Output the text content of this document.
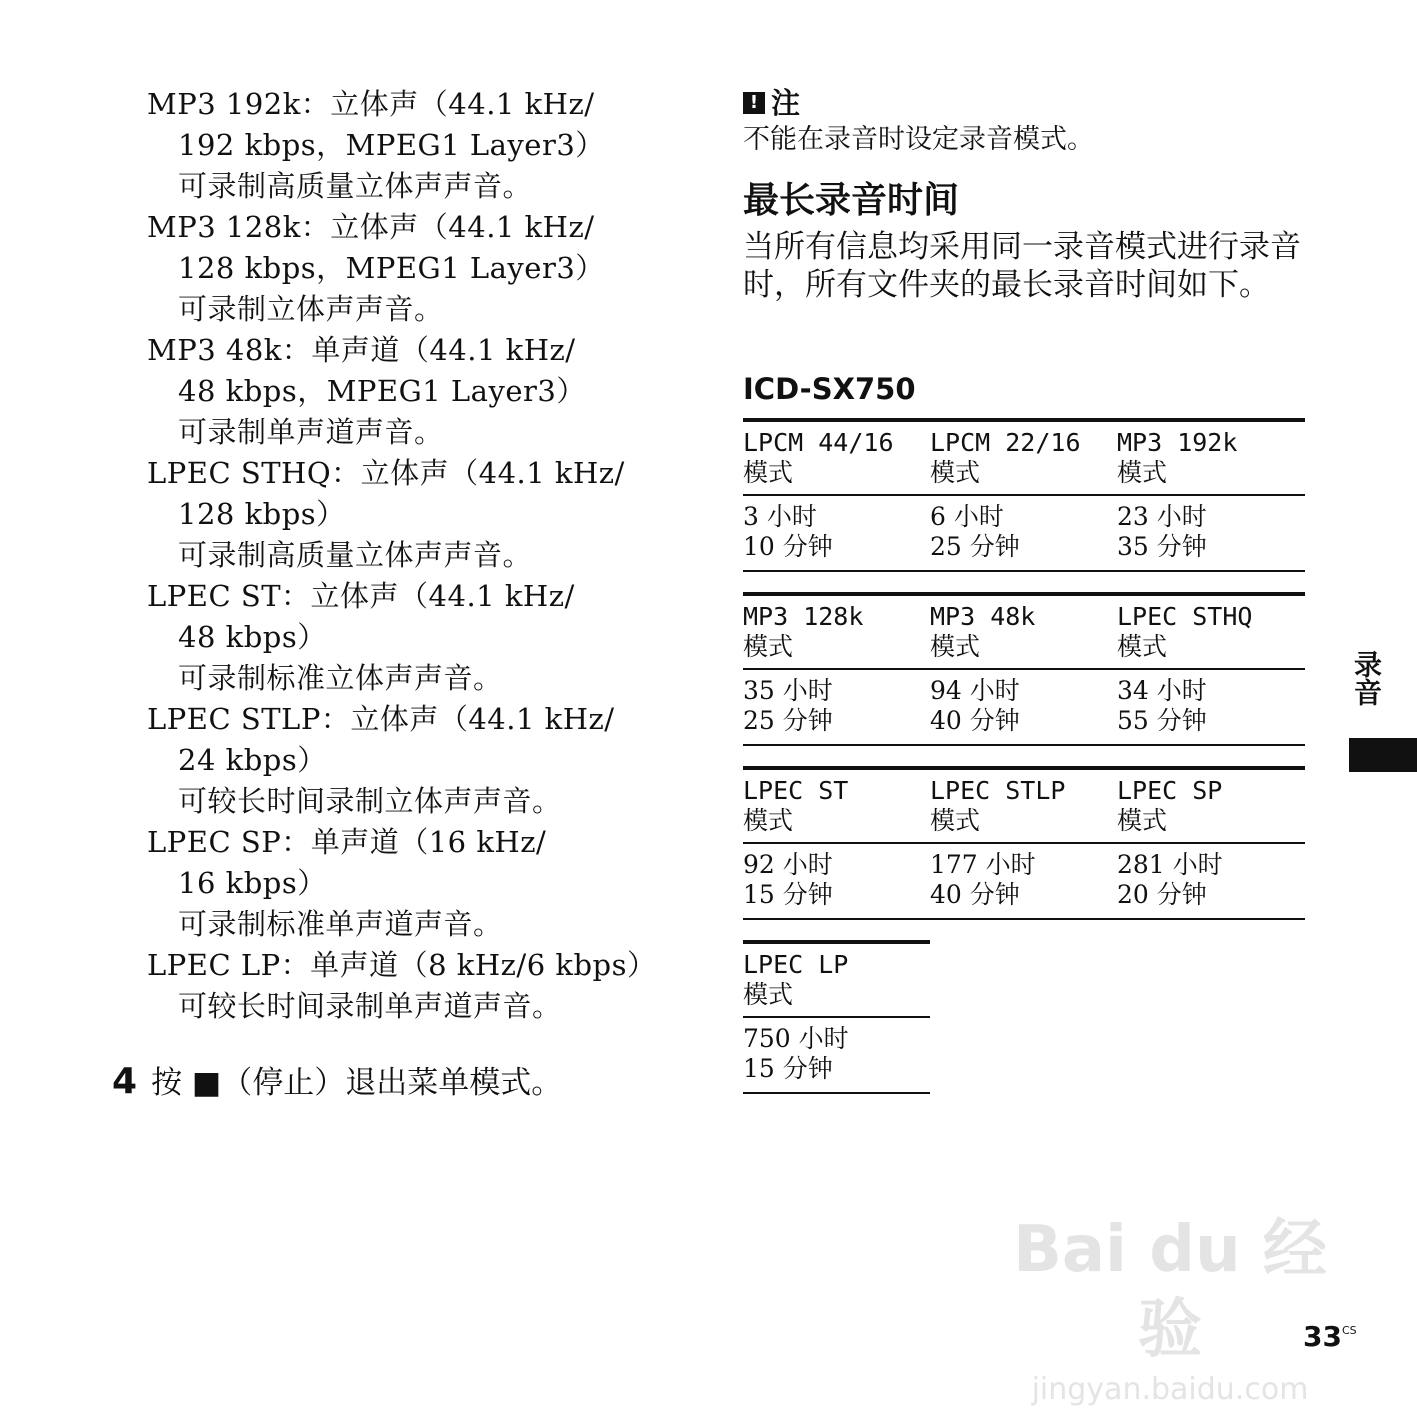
MP3 192k：立体声（44.1 kHz/
192 kbps，MPEG1 Layer3）
可录制高质量立体声声音。
MP3 128k：立体声（44.1 kHz/
128 kbps，MPEG1 Layer3）
可录制立体声声音。
MP3 48k：单声道（44.1 kHz/
48 kbps，MPEG1 Layer3）
可录制单声道声音。
LPEC STHQ：立体声（44.1 kHz/
128 kbps）
可录制高质量立体声声音。
LPEC ST：立体声（44.1 kHz/
48 kbps）
可录制标准立体声声音。
LPEC STLP：立体声（44.1 kHz/
24 kbps）
可较长时间录制立体声声音。
LPEC SP：单声道（16 kHz/
16 kbps）
可录制标准单声道声音。
LPEC LP：单声道（8 kHz/6 kbps）
可较长时间录制单声道声音。
4 按 ■（停止）退出菜单模式。
! 注
不能在录音时设定录音模式。
最长录音时间
当所有信息均采用同一录音模式进行录音时，所有文件夹的最长录音时间如下。
ICD-SX750
LPCM 44/16
模式
LPCM 22/16
模式
MP3 192k
模式
3 小时
10 分钟
6 小时
25 分钟
23 小时
35 分钟
MP3 128k
模式
MP3 48k
模式
LPEC STHQ
模式
35 小时
25 分钟
94 小时
40 分钟
34 小时
55 分钟
LPEC ST
模式
LPEC STLP
模式
LPEC SP
模式
92 小时
15 分钟
177 小时
40 分钟
281 小时
20 分钟
LPEC LP
模式
750 小时
15 分钟
录音
Bai du 经验
jingyan.baidu.com
$33^{CS}$
